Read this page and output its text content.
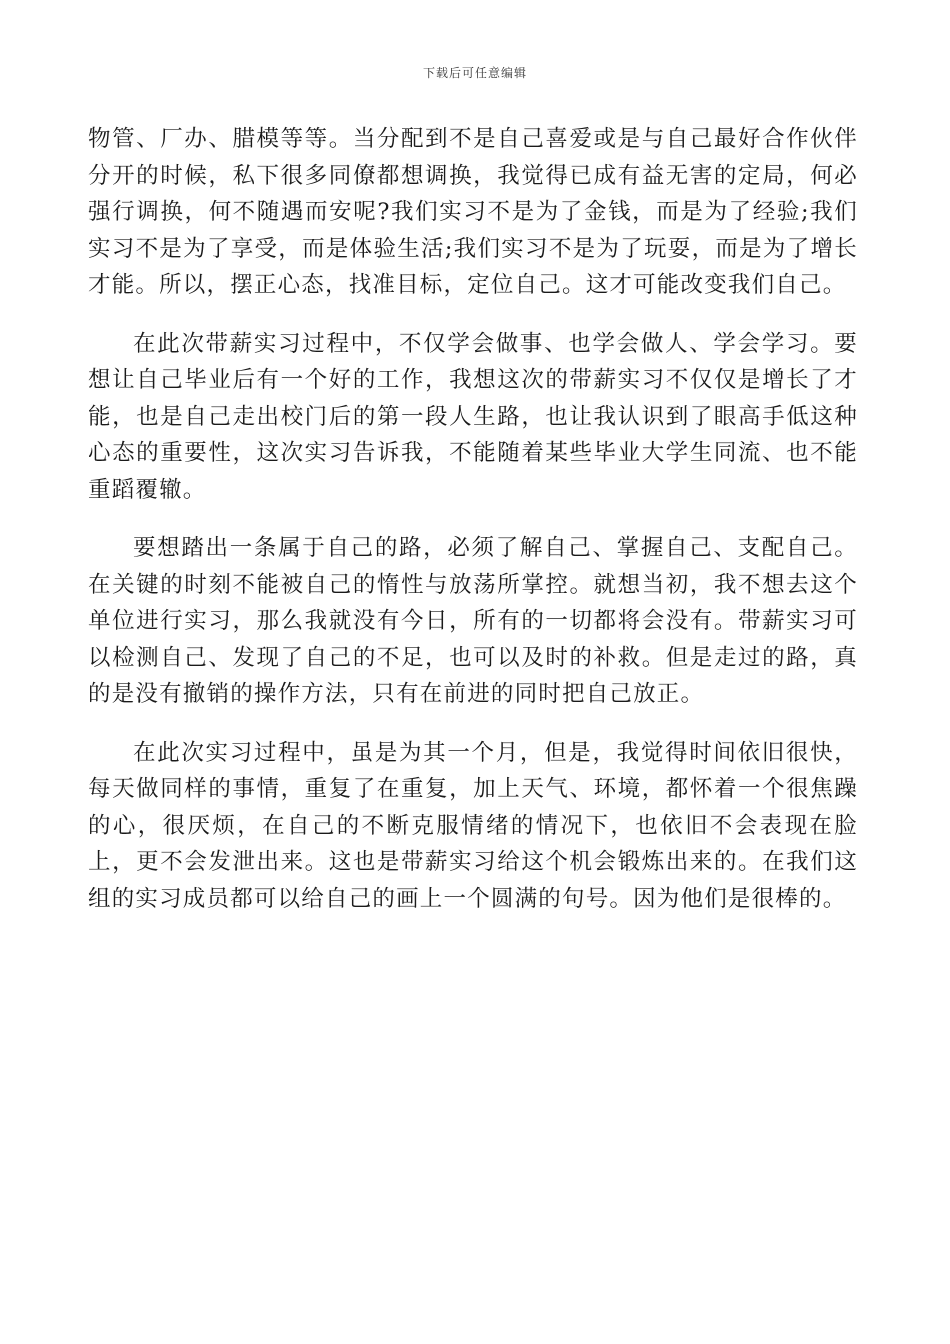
下载后可任意编辑

物管、厂办、腊模等等。当分配到不是自己喜爱或是与自己最好合作伙伴分开的时候，私下很多同僚都想调换，我觉得已成有益无害的定局，何必强行调换，何不随遇而安呢?我们实习不是为了金钱，而是为了经验;我们实习不是为了享受，而是体验生活;我们实习不是为了玩耍，而是为了增长才能。所以，摆正心态，找准目标，定位自己。这才可能改变我们自己。

在此次带薪实习过程中，不仅学会做事、也学会做人、学会学习。要想让自己毕业后有一个好的工作，我想这次的带薪实习不仅仅是增长了才能，也是自己走出校门后的第一段人生路，也让我认识到了眼高手低这种心态的重要性，这次实习告诉我，不能随着某些毕业大学生同流、也不能重蹈覆辙。

要想踏出一条属于自己的路，必须了解自己、掌握自己、支配自己。在关键的时刻不能被自己的惰性与放荡所掌控。就想当初，我不想去这个单位进行实习，那么我就没有今日，所有的一切都将会没有。带薪实习可以检测自己、发现了自己的不足，也可以及时的补救。但是走过的路，真的是没有撤销的操作方法，只有在前进的同时把自己放正。

在此次实习过程中，虽是为其一个月，但是，我觉得时间依旧很快，每天做同样的事情，重复了在重复，加上天气、环境，都怀着一个很焦躁的心，很厌烦，在自己的不断克服情绪的情况下，也依旧不会表现在脸上，更不会发泄出来。这也是带薪实习给这个机会锻炼出来的。在我们这组的实习成员都可以给自己的画上一个圆满的句号。因为他们是很棒的。
